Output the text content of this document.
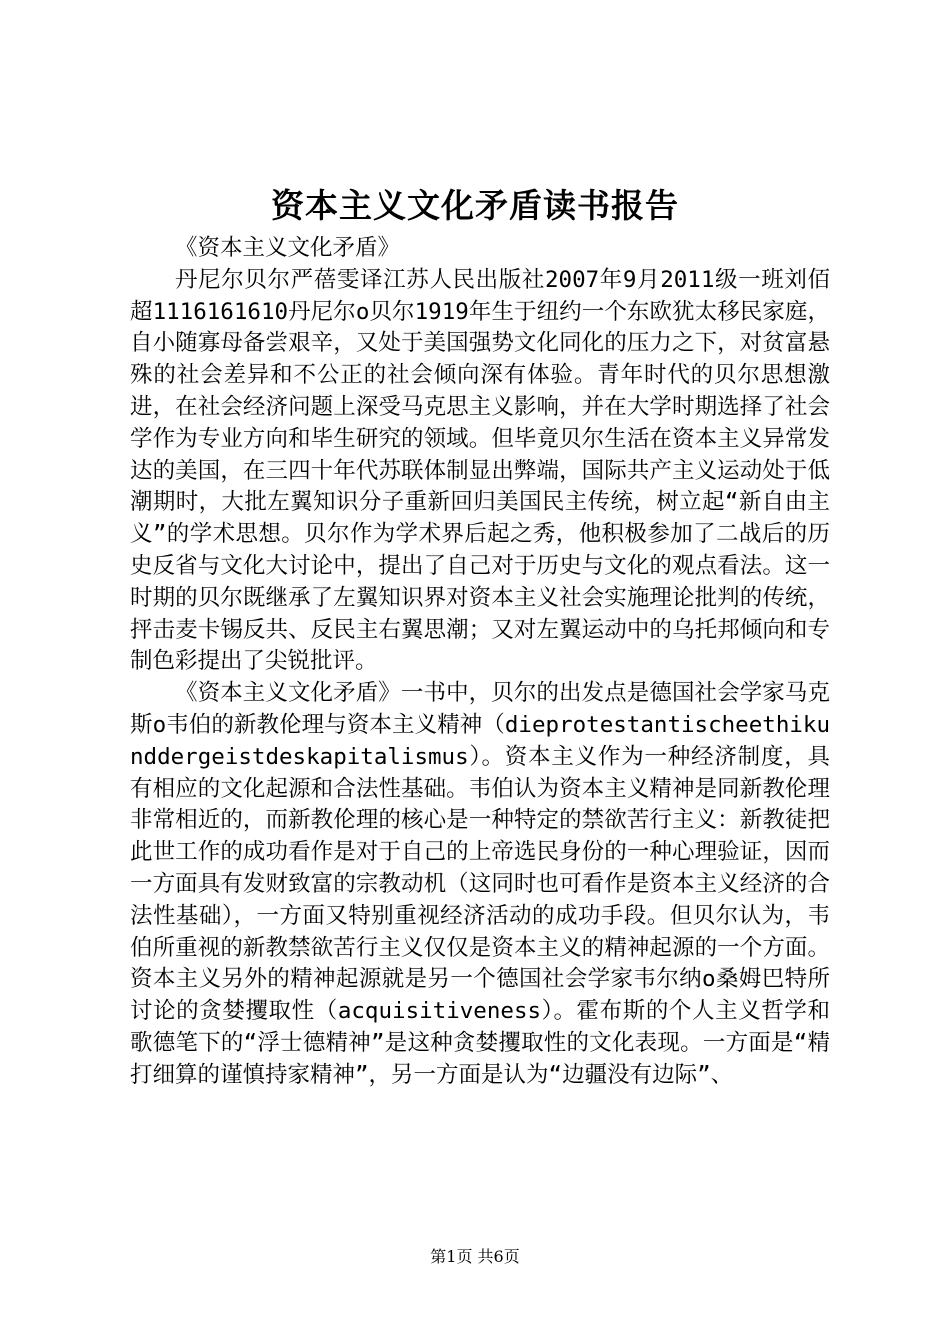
资本主义文化矛盾读书报告

《资本主义文化矛盾》

丹尼尔贝尔严蓓雯译江苏人民出版社2007年9月2011级一班刘佰超1116161610丹尼尔o贝尔1919年生于纽约一个东欧犹太移民家庭，自小随寡母备尝艰辛，又处于美国强势文化同化的压力之下，对贫富悬殊的社会差异和不公正的社会倾向深有体验。青年时代的贝尔思想激进，在社会经济问题上深受马克思主义影响，并在大学时期选择了社会学作为专业方向和毕生研究的领域。但毕竟贝尔生活在资本主义异常发达的美国，在三四十年代苏联体制显出弊端，国际共产主义运动处于低潮期时，大批左翼知识分子重新回归美国民主传统，树立起“新自由主义”的学术思想。贝尔作为学术界后起之秀，他积极参加了二战后的历史反省与文化大讨论中，提出了自己对于历史与文化的观点看法。这一时期的贝尔既继承了左翼知识界对资本主义社会实施理论批判的传统，抨击麦卡锡反共、反民主右翼思潮；又对左翼运动中的乌托邦倾向和专制色彩提出了尖锐批评。

《资本主义文化矛盾》一书中，贝尔的出发点是德国社会学家马克斯o韦伯的新教伦理与资本主义精神（dieprotestantischeethikunddergeistdeskapitalismus）。资本主义作为一种经济制度，具有相应的文化起源和合法性基础。韦伯认为资本主义精神是同新教伦理非常相近的，而新教伦理的核心是一种特定的禁欲苦行主义：新教徒把此世工作的成功看作是对于自己的上帝选民身份的一种心理验证，因而一方面具有发财致富的宗教动机（这同时也可看作是资本主义经济的合法性基础），一方面又特别重视经济活动的成功手段。但贝尔认为，韦伯所重视的新教禁欲苦行主义仅仅是资本主义的精神起源的一个方面。资本主义另外的精神起源就是另一个德国社会学家韦尔纳o桑姆巴特所讨论的贪婪攫取性（acquisitiveness）。霍布斯的个人主义哲学和歌德笔下的“浮士德精神”是这种贪婪攫取性的文化表现。一方面是“精打细算的谨慎持家精神”，另一方面是认为“边疆没有边际”、

第1页 共6页
